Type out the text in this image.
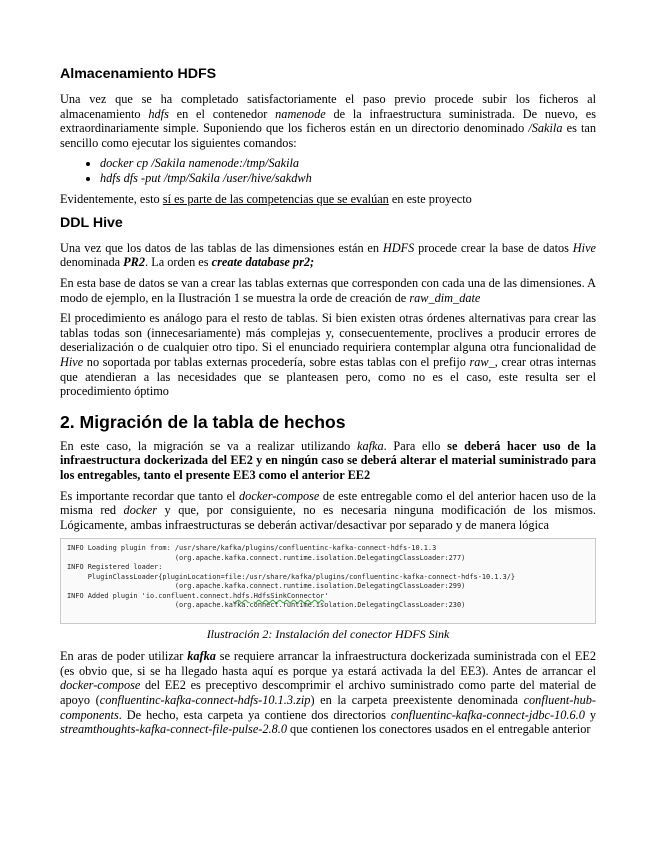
Almacenamiento HDFS

Una vez que se ha completado satisfactoriamente el paso previo procede subir los ficheros al almacenamiento hdfs en el contenedor namenode de la infraestructura suministrada. De nuevo, es extraordinariamente simple. Suponiendo que los ficheros están en un directorio denominado /Sakila es tan sencillo como ejecutar los siguientes comandos:

• docker cp /Sakila namenode:/tmp/Sakila
• hdfs dfs -put /tmp/Sakila /user/hive/sakdwh

Evidentemente, esto sí es parte de las competencias que se evalúan en este proyecto

DDL Hive

Una vez que los datos de las tablas de las dimensiones están en HDFS procede crear la base de datos Hive denominada PR2. La orden es create database pr2;

En esta base de datos se van a crear las tablas externas que corresponden con cada una de las dimensiones. A modo de ejemplo, en la Ilustración 1 se muestra la orde de creación de raw_dim_date

El procedimiento es análogo para el resto de tablas. Si bien existen otras órdenes alternativas para crear las tablas todas son (innecesariamente) más complejas y, consecuentemente, proclives a producir errores de deserialización o de cualquier otro tipo. Si el enunciado requiriera contemplar alguna otra funcionalidad de Hive no soportada por tablas externas procedería, sobre estas tablas con el prefijo raw_, crear otras internas que atendieran a las necesidades que se planteasen pero, como no es el caso, este resulta ser el procedimiento óptimo

2. Migración de la tabla de hechos

En este caso, la migración se va a realizar utilizando kafka. Para ello se deberá hacer uso de la infraestructura dockerizada del EE2 y en ningún caso se deberá alterar el material suministrado para los entregables, tanto el presente EE3 como el anterior EE2

Es importante recordar que tanto el docker-compose de este entregable como el del anterior hacen uso de la misma red docker y que, por consiguiente, no es necesaria ninguna modificación de los mismos. Lógicamente, ambas infraestructuras se deberán activar/desactivar por separado y de manera lógica

INFO Loading plugin from: /usr/share/kafka/plugins/confluentinc-kafka-connect-hdfs-10.1.3
(org.apache.kafka.connect.runtime.isolation.DelegatingClassLoader:277)
INFO Registered loader:
PluginClassLoader{pluginLocation=file:/usr/share/kafka/plugins/confluentinc-kafka-connect-hdfs-10.1.3/}
(org.apache.kafka.connect.runtime.isolation.DelegatingClassLoader:299)
INFO Added plugin 'io.confluent.connect.hdfs.HdfsSinkConnector'
(org.apache.kafka.connect.runtime.isolation.DelegatingClassLoader:230)

Ilustración 2: Instalación del conector HDFS Sink

En aras de poder utilizar kafka se requiere arrancar la infraestructura dockerizada suministrada con el EE2 (es obvio que, si se ha llegado hasta aquí es porque ya estará activada la del EE3). Antes de arrancar el docker-compose del EE2 es preceptivo descomprimir el archivo suministrado como parte del material de apoyo (confluentinc-kafka-connect-hdfs-10.1.3.zip) en la carpeta preexistente denominada confluent-hub-components. De hecho, esta carpeta ya contiene dos directorios confluentinc-kafka-connect-jdbc-10.6.0 y streamthoughts-kafka-connect-file-pulse-2.8.0 que contienen los conectores usados en el entregable anterior
